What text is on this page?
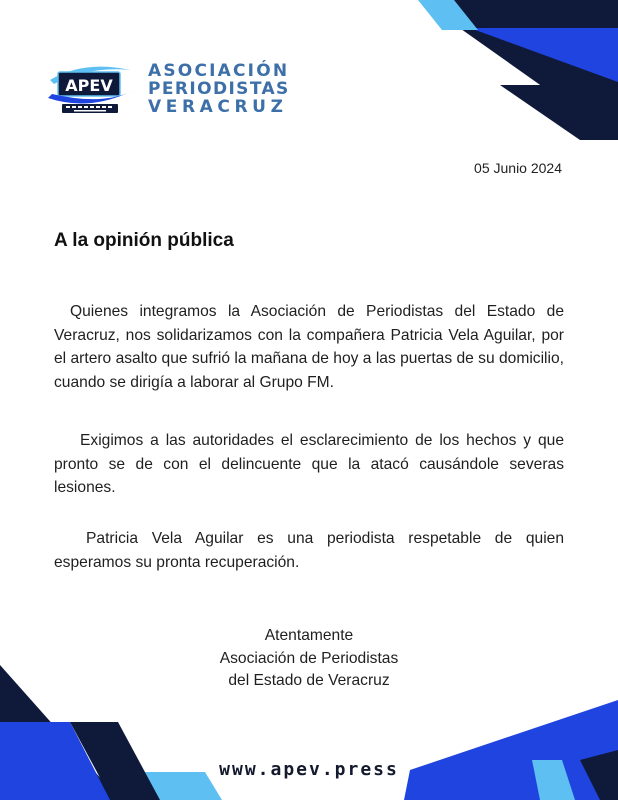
APEV
ASOCIACIÓN
PERIODISTAS
VERACRUZ
05 Junio 2024
A la opinión pública

Quienes integramos la Asociación de Periodistas del Estado de Veracruz, nos solidarizamos con la compañera Patricia Vela Aguilar, por el artero asalto que sufrió la mañana de hoy a las puertas de su domicilio, cuando se dirigía a laborar al Grupo FM.

Exigimos a las autoridades el esclarecimiento de los hechos y que pronto se de con el delincuente que la atacó causándole severas lesiones.

Patricia Vela Aguilar es una periodista respetable de quien esperamos su pronta recuperación.

Atentamente
Asociación de Periodistas
del Estado de Veracruz
www.apev.press
